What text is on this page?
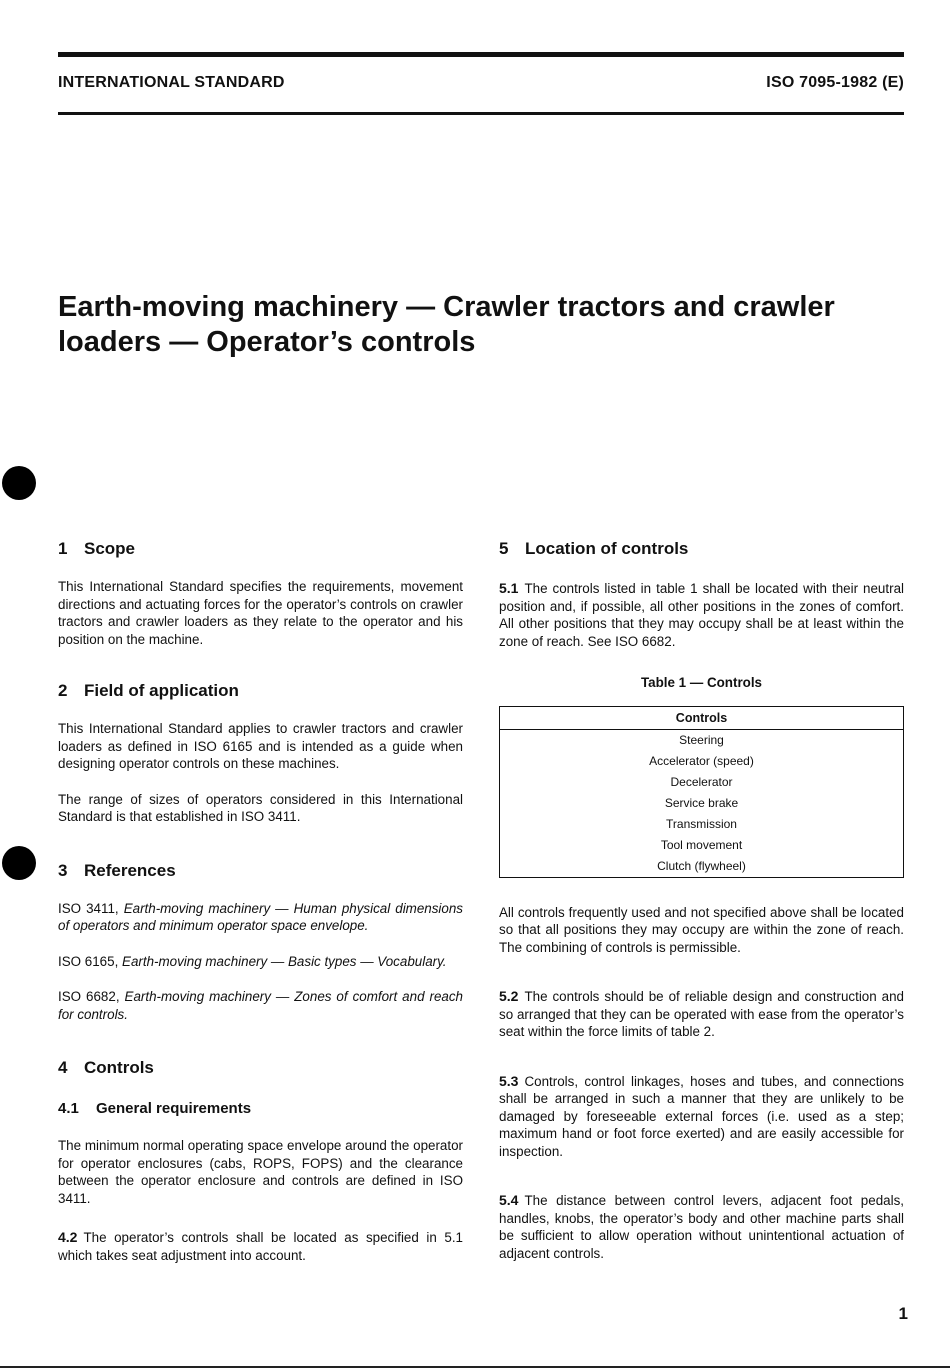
INTERNATIONAL STANDARD	ISO 7095-1982 (E)
Earth-moving machinery — Crawler tractors and crawler
loaders — Operator’s controls
1 Scope

This International Standard specifies the requirements, movement directions and actuating forces for the operator’s controls on crawler tractors and crawler loaders as they relate to the operator and his position on the machine.

2 Field of application

This International Standard applies to crawler tractors and crawler loaders as defined in ISO 6165 and is intended as a guide when designing operator controls on these machines.

The range of sizes of operators considered in this International Standard is that established in ISO 3411.

3 References

ISO 3411, Earth-moving machinery — Human physical dimensions of operators and minimum operator space envelope.

ISO 6165, Earth-moving machinery — Basic types — Vocabulary.

ISO 6682, Earth-moving machinery — Zones of comfort and reach for controls.

4 Controls
4.1 General requirements

The minimum normal operating space envelope around the operator for operator enclosures (cabs, ROPS, FOPS) and the clearance between the operator enclosure and controls are defined in ISO 3411.

4.2 The operator’s controls shall be located as specified in 5.1 which takes seat adjustment into account.

5 Location of controls

5.1 The controls listed in table 1 shall be located with their neutral position and, if possible, all other positions in the zones of comfort. All other positions that they may occupy shall be at least within the zone of reach. See ISO 6682.

Table 1 — Controls

Controls
Steering
Accelerator (speed)
Decelerator
Service brake
Transmission
Tool movement
Clutch (flywheel)

All controls frequently used and not specified above shall be located so that all positions they may occupy are within the zone of reach. The combining of controls is permissible.

5.2 The controls should be of reliable design and construction and so arranged that they can be operated with ease from the operator’s seat within the force limits of table 2.

5.3 Controls, control linkages, hoses and tubes, and connections shall be arranged in such a manner that they are unlikely to be damaged by foreseeable external forces (i.e. used as a step; maximum hand or foot force exerted) and are easily accessible for inspection.

5.4 The distance between control levers, adjacent foot pedals, handles, knobs, the operator’s body and other machine parts shall be sufficient to allow operation without unintentional actuation of adjacent controls.

1
